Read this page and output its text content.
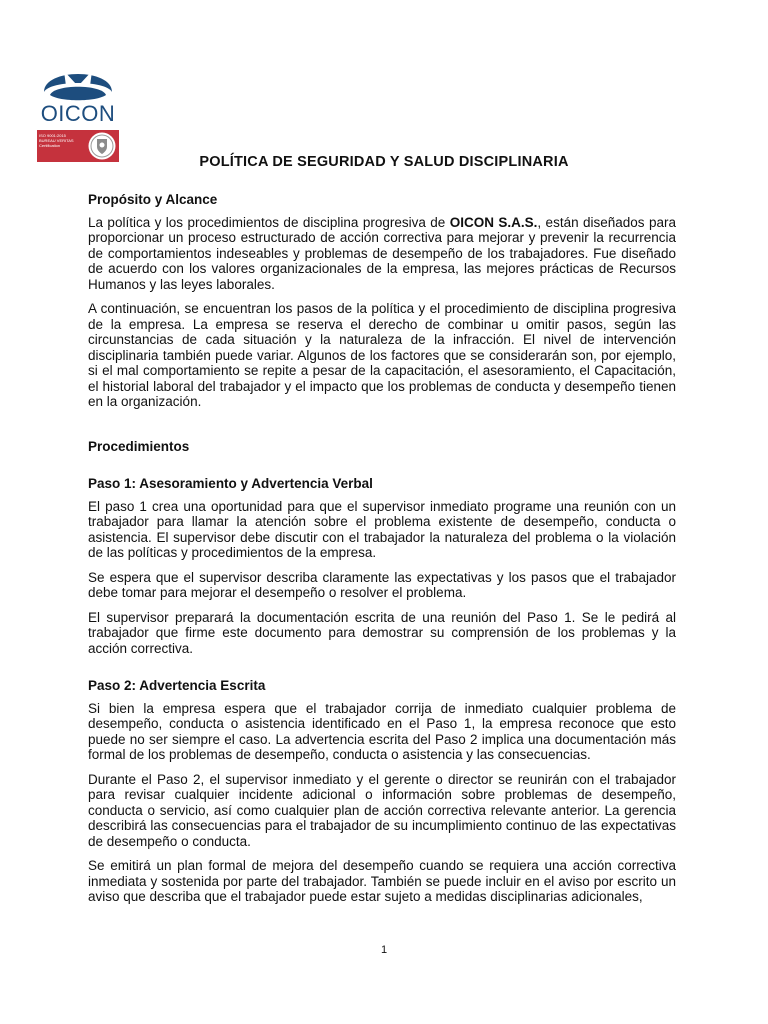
OICON
ISO 9001:2015
BUREAU VERITAS
Certification
POLÍTICA DE SEGURIDAD Y SALUD DISCIPLINARIA

Propósito y Alcance

La política y los procedimientos de disciplina progresiva de OICON S.A.S., están diseñados para proporcionar un proceso estructurado de acción correctiva para mejorar y prevenir la recurrencia de comportamientos indeseables y problemas de desempeño de los trabajadores. Fue diseñado de acuerdo con los valores organizacionales de la empresa, las mejores prácticas de Recursos Humanos y las leyes laborales.

A continuación, se encuentran los pasos de la política y el procedimiento de disciplina progresiva de la empresa. La empresa se reserva el derecho de combinar u omitir pasos, según las circunstancias de cada situación y la naturaleza de la infracción. El nivel de intervención disciplinaria también puede variar. Algunos de los factores que se considerarán son, por ejemplo, si el mal comportamiento se repite a pesar de la capacitación, el asesoramiento, el Capacitación, el historial laboral del trabajador y el impacto que los problemas de conducta y desempeño tienen en la organización.

Procedimientos

Paso 1: Asesoramiento y Advertencia Verbal

El paso 1 crea una oportunidad para que el supervisor inmediato programe una reunión con un trabajador para llamar la atención sobre el problema existente de desempeño, conducta o asistencia. El supervisor debe discutir con el trabajador la naturaleza del problema o la violación de las políticas y procedimientos de la empresa.

Se espera que el supervisor describa claramente las expectativas y los pasos que el trabajador debe tomar para mejorar el desempeño o resolver el problema.

El supervisor preparará la documentación escrita de una reunión del Paso 1. Se le pedirá al trabajador que firme este documento para demostrar su comprensión de los problemas y la acción correctiva.

Paso 2: Advertencia Escrita

Si bien la empresa espera que el trabajador corrija de inmediato cualquier problema de desempeño, conducta o asistencia identificado en el Paso 1, la empresa reconoce que esto puede no ser siempre el caso. La advertencia escrita del Paso 2 implica una documentación más formal de los problemas de desempeño, conducta o asistencia y las consecuencias.

Durante el Paso 2, el supervisor inmediato y el gerente o director se reunirán con el trabajador para revisar cualquier incidente adicional o información sobre problemas de desempeño, conducta o servicio, así como cualquier plan de acción correctiva relevante anterior. La gerencia describirá las consecuencias para el trabajador de su incumplimiento continuo de las expectativas de desempeño o conducta.

Se emitirá un plan formal de mejora del desempeño cuando se requiera una acción correctiva inmediata y sostenida por parte del trabajador. También se puede incluir en el aviso por escrito un aviso que describa que el trabajador puede estar sujeto a medidas disciplinarias adicionales,

1
